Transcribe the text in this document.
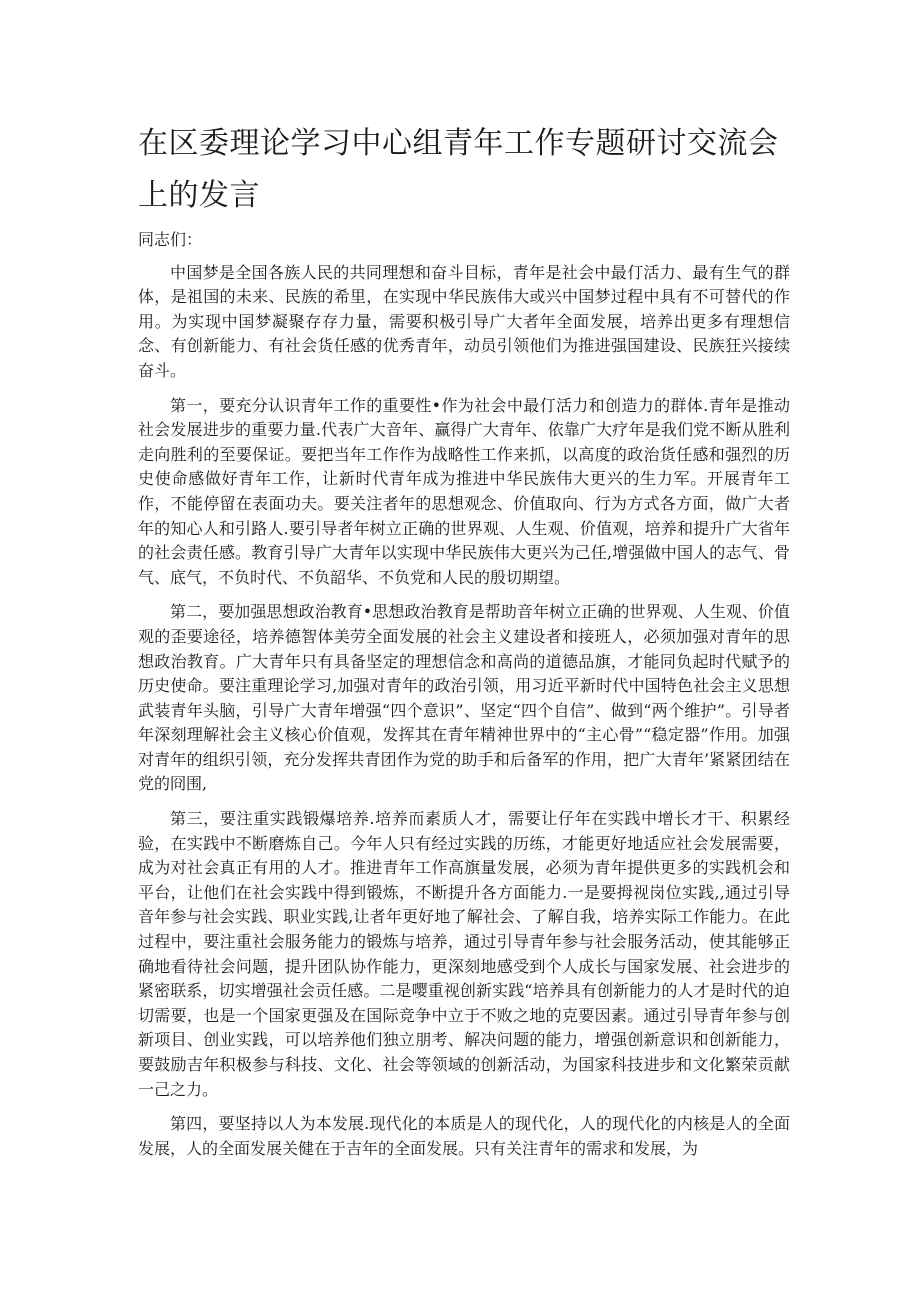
在区委理论学习中心组青年工作专题研讨交流会上的发言

同志们：

中国梦是全国各族人民的共同理想和奋斗目标，青年是社会中最仃活力、最有生气的群体，是祖国的未来、民族的希里，在实现中华民族伟大或兴中国梦过程中具有不可替代的作用。为实现中国梦凝聚存存力量，需要积极引导广大者年全面发展，培养出更多有理想信念、有创新能力、有社会货任感的优秀青年，动员引领他们为推进强国建设、民族狂兴接续奋斗。

第一，要充分认识青年工作的重要性•作为社会中最仃活力和创造力的群体.青年是推动社会发展进步的重要力量.代表广大音年、赢得广大青年、依靠广大疗年是我们党不断从胜利走向胜利的至要保证。要把当年工作作为战略性工作来抓，以高度的政治货任感和强烈的历史使命感做好青年工作，让新时代青年成为推进中华民族伟大更兴的生力军。开展青年工作，不能停留在表面功夫。要关注者年的思想观念、价值取向、行为方式各方面，做广大者年的知心人和引路人.要引导者年树立正确的世界观、人生观、价值观，培养和提升广大省年的社会责任感。教育引导广大青年以实现中华民族伟大更兴为己任,增强做中国人的志气、骨气、底气，不负时代、不负韶华、不负党和人民的殷切期望。

第二，要加强思想政治教育•思想政治教育是帮助音年树立正确的世界观、人生观、价值观的歪要途径，培养德智体美劳全面发展的社会主义建设者和接班人，必须加强对青年的思想政治教育。广大青年只有具备坚定的理想信念和高尚的道德品旗，才能同负起时代赋予的历史使命。要注重理论学习,加强对青年的政治引领，用习近平新时代中国特色社会主义思想武装青年头脑，引导广大青年增强“四个意识”、坚定“四个自信”、做到“两个维护”。引导者年深刻理解社会主义核心价值观，发挥其在青年精神世界中的“主心骨”“稳定器”作用。加强对青年的组织引领，充分发挥共青团作为党的助手和后备军的作用，把广大青年’紧紧团结在党的冏围,

第三，要注重实践锻爆培养.培养而素质人才，需要让仔年在实践中增长才干、积累经验，在实践中不断磨炼自己。今年人只有经过实践的历练，才能更好地适应社会发展需要，成为对社会真正有用的人才。推进青年工作高旗量发展，必须为青年提供更多的实践机会和平台，让他们在社会实践中得到锻炼，不断提升各方面能力.一是要拇视岗位实践,,通过引导音年参与社会实践、职业实践,让者年更好地了解社会、了解自我，培养实际工作能力。在此过程中，要注重社会服务能力的锻炼与培养，通过引导青年参与社会服务活动，使其能够正确地看待社会问题，提升团队协作能力，更深刻地感受到个人成长与国家发展、社会进步的紧密联系，切实增强社会贡任感。二是嘤重视创新实践“培养具有创新能力的人才是时代的迫切需要，也是一个国家更强及在国际竞争中立于不败之地的克要因素。通过引导青年参与创新项目、创业实践，可以培养他们独立朋考、解决问题的能力，增强创新意识和创新能力，要鼓励吉年积极参与科技、文化、社会等领域的创新活动，为国家科技进步和文化繁荣贡献一己之力。

第四，要坚持以人为本发展.现代化的本质是人的现代化，人的现代化的内核是人的全面发展，人的全面发展关健在于吉年的全面发展。只有关注青年的需求和发展，为
